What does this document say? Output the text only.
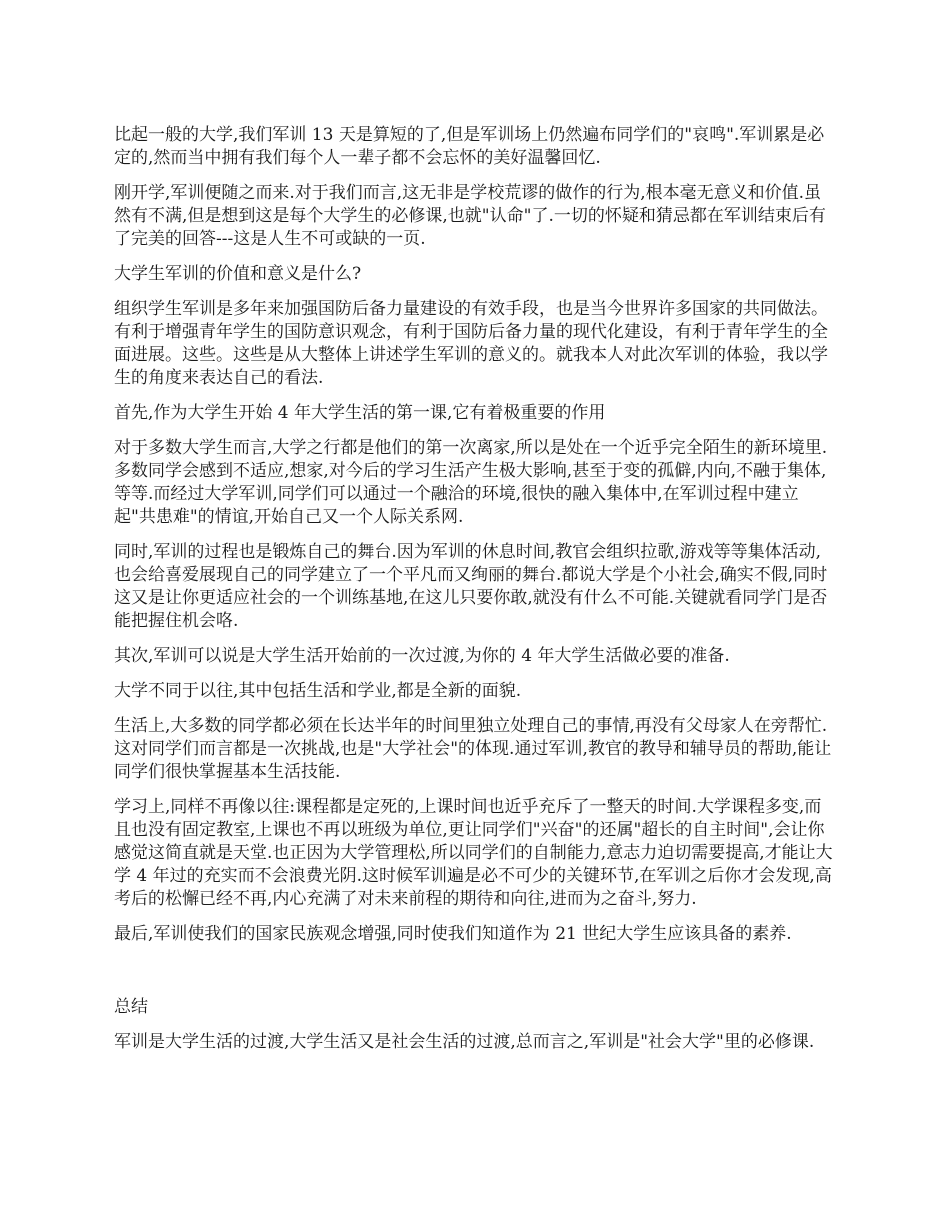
比起一般的大学,我们军训 13 天是算短的了,但是军训场上仍然遍布同学们的"哀鸣".军训累是必定的,然而当中拥有我们每个人一辈子都不会忘怀的美好温馨回忆.

刚开学,军训便随之而来.对于我们而言,这无非是学校荒谬的做作的行为,根本毫无意义和价值.虽然有不满,但是想到这是每个大学生的必修课,也就"认命"了.一切的怀疑和猜忌都在军训结束后有了完美的回答---这是人生不可或缺的一页.

大学生军训的价值和意义是什么?

组织学生军训是多年来加强国防后备力量建设的有效手段，也是当今世界许多国家的共同做法。有利于增强青年学生的国防意识观念，有利于国防后备力量的现代化建设，有利于青年学生的全面进展。这些。这些是从大整体上讲述学生军训的意义的。就我本人对此次军训的体验，我以学生的角度来表达自己的看法.

首先,作为大学生开始 4 年大学生活的第一课,它有着极重要的作用

对于多数大学生而言,大学之行都是他们的第一次离家,所以是处在一个近乎完全陌生的新环境里.多数同学会感到不适应,想家,对今后的学习生活产生极大影响,甚至于变的孤僻,内向,不融于集体,等等.而经过大学军训,同学们可以通过一个融洽的环境,很快的融入集体中,在军训过程中建立起"共患难"的情谊,开始自己又一个人际关系网.

同时,军训的过程也是锻炼自己的舞台.因为军训的休息时间,教官会组织拉歌,游戏等等集体活动,也会给喜爱展现自己的同学建立了一个平凡而又绚丽的舞台.都说大学是个小社会,确实不假,同时这又是让你更适应社会的一个训练基地,在这儿只要你敢,就没有什么不可能.关键就看同学门是否能把握住机会咯.

其次,军训可以说是大学生活开始前的一次过渡,为你的 4 年大学生活做必要的准备.

大学不同于以往,其中包括生活和学业,都是全新的面貌.

生活上,大多数的同学都必须在长达半年的时间里独立处理自己的事情,再没有父母家人在旁帮忙.这对同学们而言都是一次挑战,也是"大学社会"的体现.通过军训,教官的教导和辅导员的帮助,能让同学们很快掌握基本生活技能.

学习上,同样不再像以往:课程都是定死的,上课时间也近乎充斥了一整天的时间.大学课程多变,而且也没有固定教室,上课也不再以班级为单位,更让同学们"兴奋"的还属"超长的自主时间",会让你感觉这简直就是天堂.也正因为大学管理松,所以同学们的自制能力,意志力迫切需要提高,才能让大学 4 年过的充实而不会浪费光阴.这时候军训遍是必不可少的关键环节,在军训之后你才会发现,高考后的松懈已经不再,内心充满了对未来前程的期待和向往,进而为之奋斗,努力.

最后,军训使我们的国家民族观念增强,同时使我们知道作为 21 世纪大学生应该具备的素养.

总结

军训是大学生活的过渡,大学生活又是社会生活的过渡,总而言之,军训是"社会大学"里的必修课.
